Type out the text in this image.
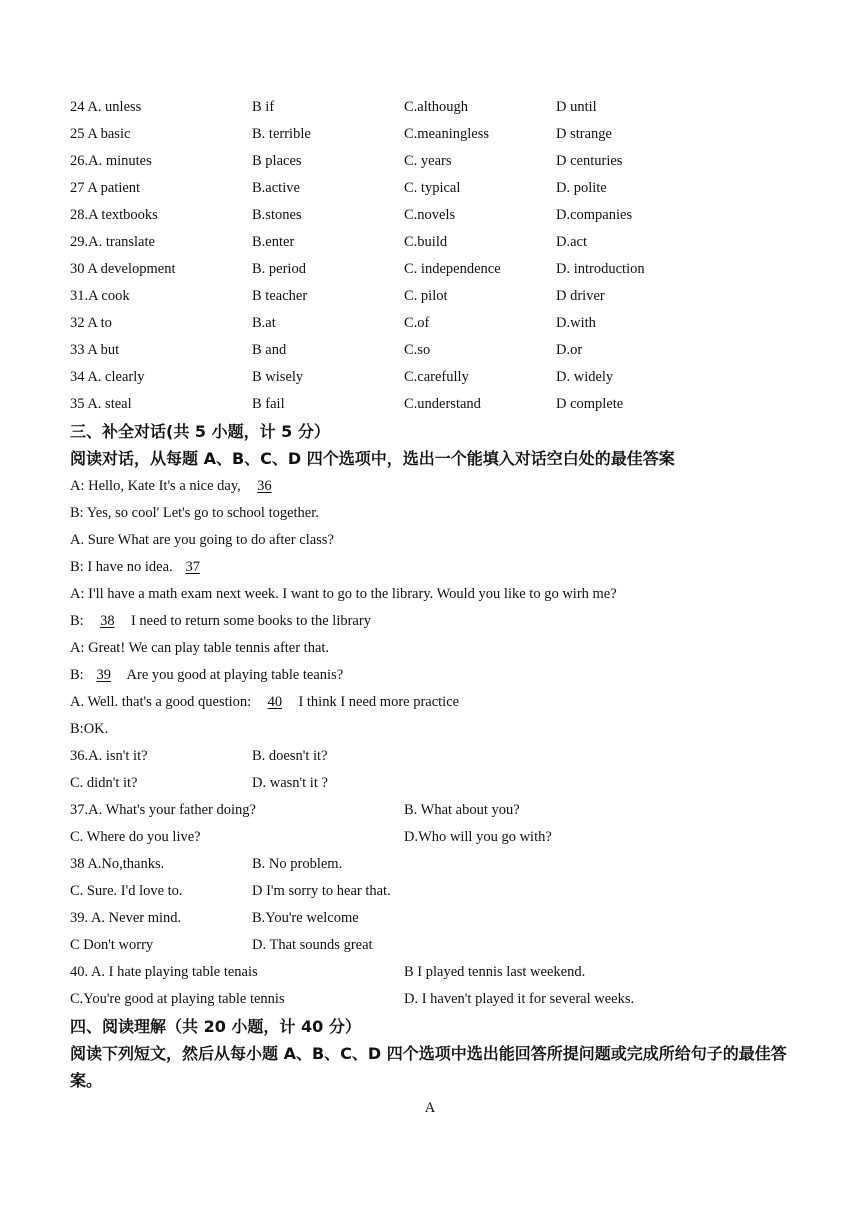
24 A. unless	B if	C.although	D until
25 A basic	B. terrible	C.meaningless	D strange
26.A. minutes	B places	C. years	D centuries
27 A patient	B.active	C. typical	D. polite
28.A textbooks	B.stones	C.novels	D.companies
29.A. translate	B.enter	C.build	D.act
30 A development	B. period	C. independence	D. introduction
31.A cook	B teacher	C. pilot	D driver
32 A to	B.at	C.of	D.with
33 A but	B and	C.so	D.or
34 A. clearly	B wisely	C.carefully	D. widely
35 A. steal	B fail	C.understand	D complete
三、补全对话(共 5 小题，计 5 分）
阅读对话，从每题 A、B、C、D 四个选项中，选出一个能填入对话空白处的最佳答案
A: Hello, Kate It's a nice day, 36
B: Yes, so cool' Let's go to school together.
A. Sure What are you going to do after class?
B: I have no idea. 37
A: I'll have a math exam next week. I want to go to the library. Would you like to go wirh me?
B: 38 I need to return some books to the library
A: Great! We can play table tennis after that.
B: 39 Are you good at playing table teanis?
A. Well. that's a good question: 40 I think I need more practice
B:OK.
36.A. isn't it?	B. doesn't it?
C. didn't it?	D. wasn't it ?
37.A. What's your father doing?	B. What about you?
C. Where do you live?	D.Who will you go with?
38 A.No,thanks.	B. No problem.
C. Sure. I'd love to.	D I'm sorry to hear that.
39. A. Never mind.	B.You're welcome
C Don't worry	D. That sounds great
40. A. I hate playing table tenais	B I played tennis last weekend.
C.You're good at playing table tennis	D. I haven't played it for several weeks.
四、阅读理解（共 20 小题，计 40 分）
阅读下列短文，然后从每小题 A、B、C、D 四个选项中选出能回答所提问题或完成所给句子的最佳答案。
A
